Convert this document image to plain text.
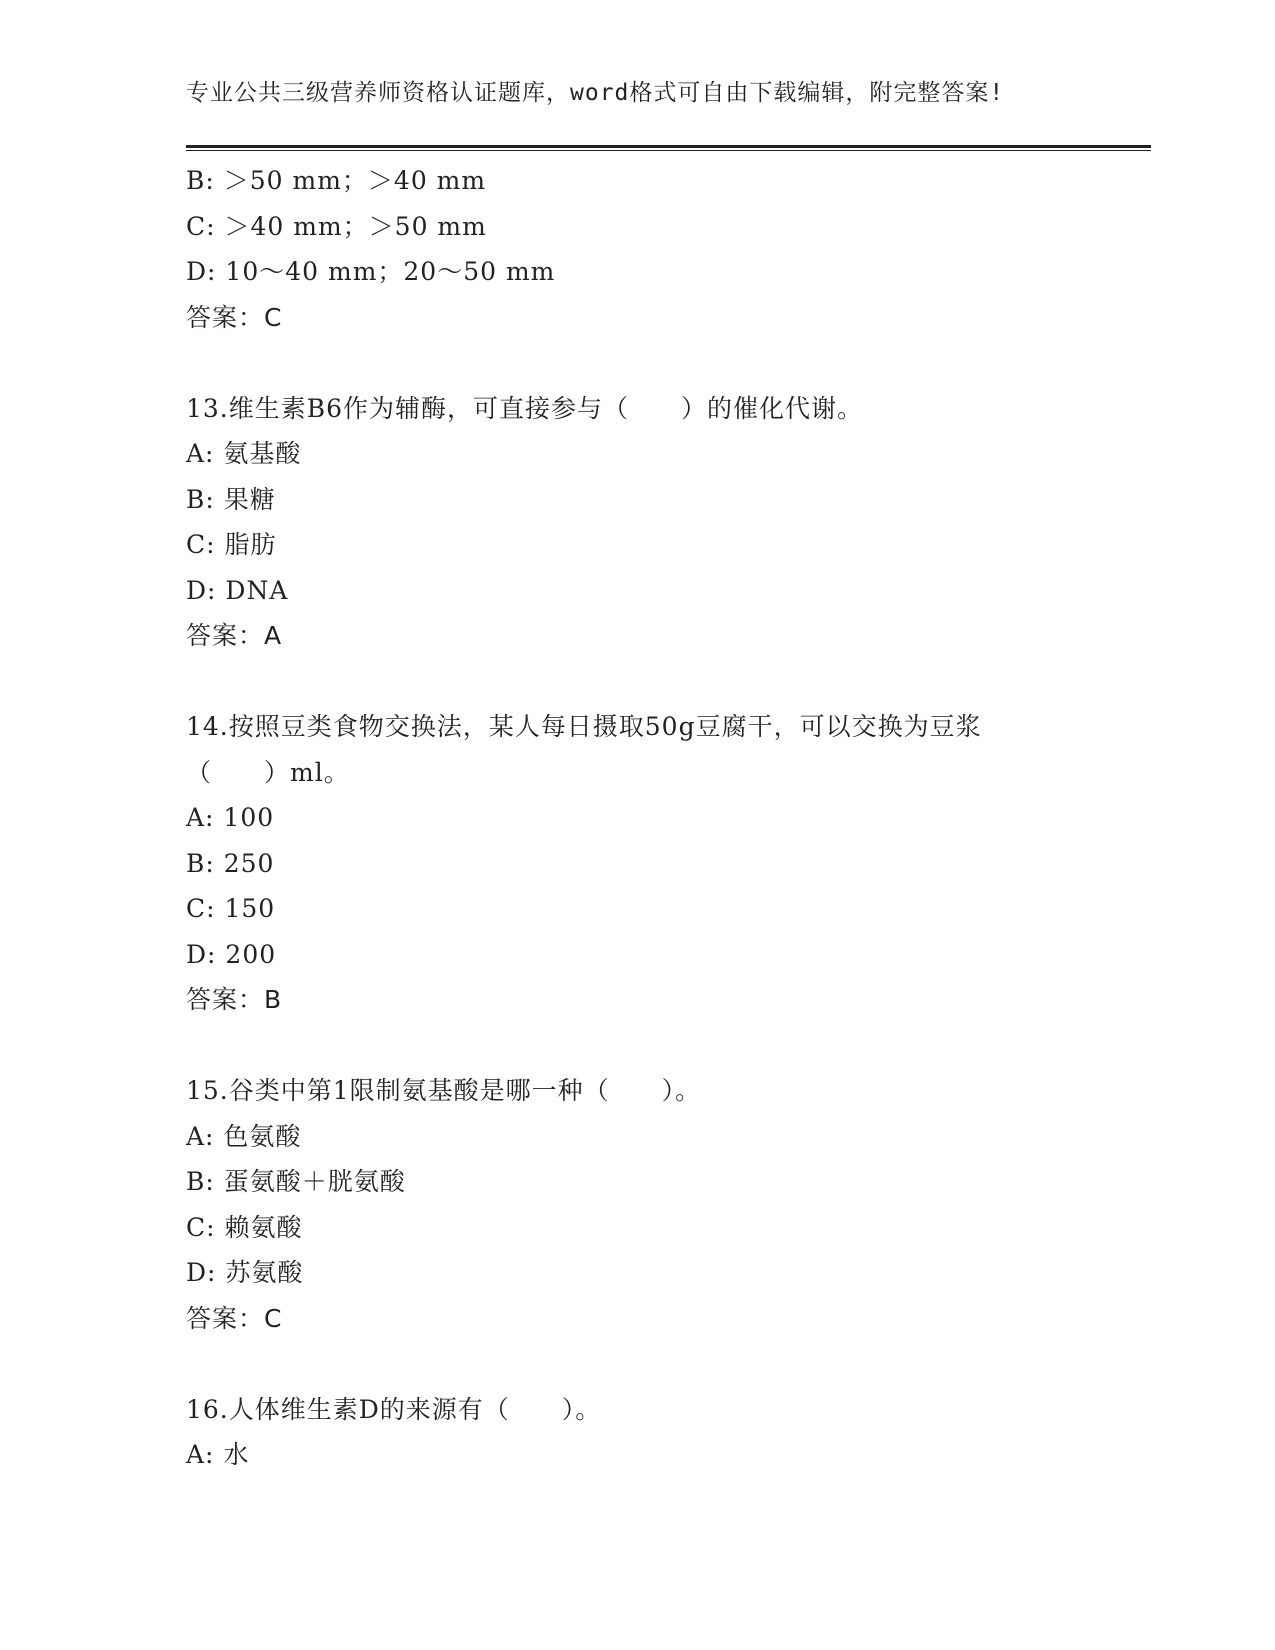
专业公共三级营养师资格认证题库，word格式可自由下载编辑，附完整答案!
B: ＞50 mm；＞40 mm
C: ＞40 mm；＞50 mm
D: 10～40 mm；20～50 mm
答案：C
13.维生素B6作为辅酶，可直接参与（　　）的催化代谢。
A: 氨基酸
B: 果糖
C: 脂肪
D: DNA
答案：A
14.按照豆类食物交换法，某人每日摄取50g豆腐干，可以交换为豆浆
（　　）ml。
A: 100
B: 250
C: 150
D: 200
答案：B
15.谷类中第1限制氨基酸是哪一种（　　）。
A: 色氨酸
B: 蛋氨酸＋胱氨酸
C: 赖氨酸
D: 苏氨酸
答案：C
16.人体维生素D的来源有（　　）。
A: 水
